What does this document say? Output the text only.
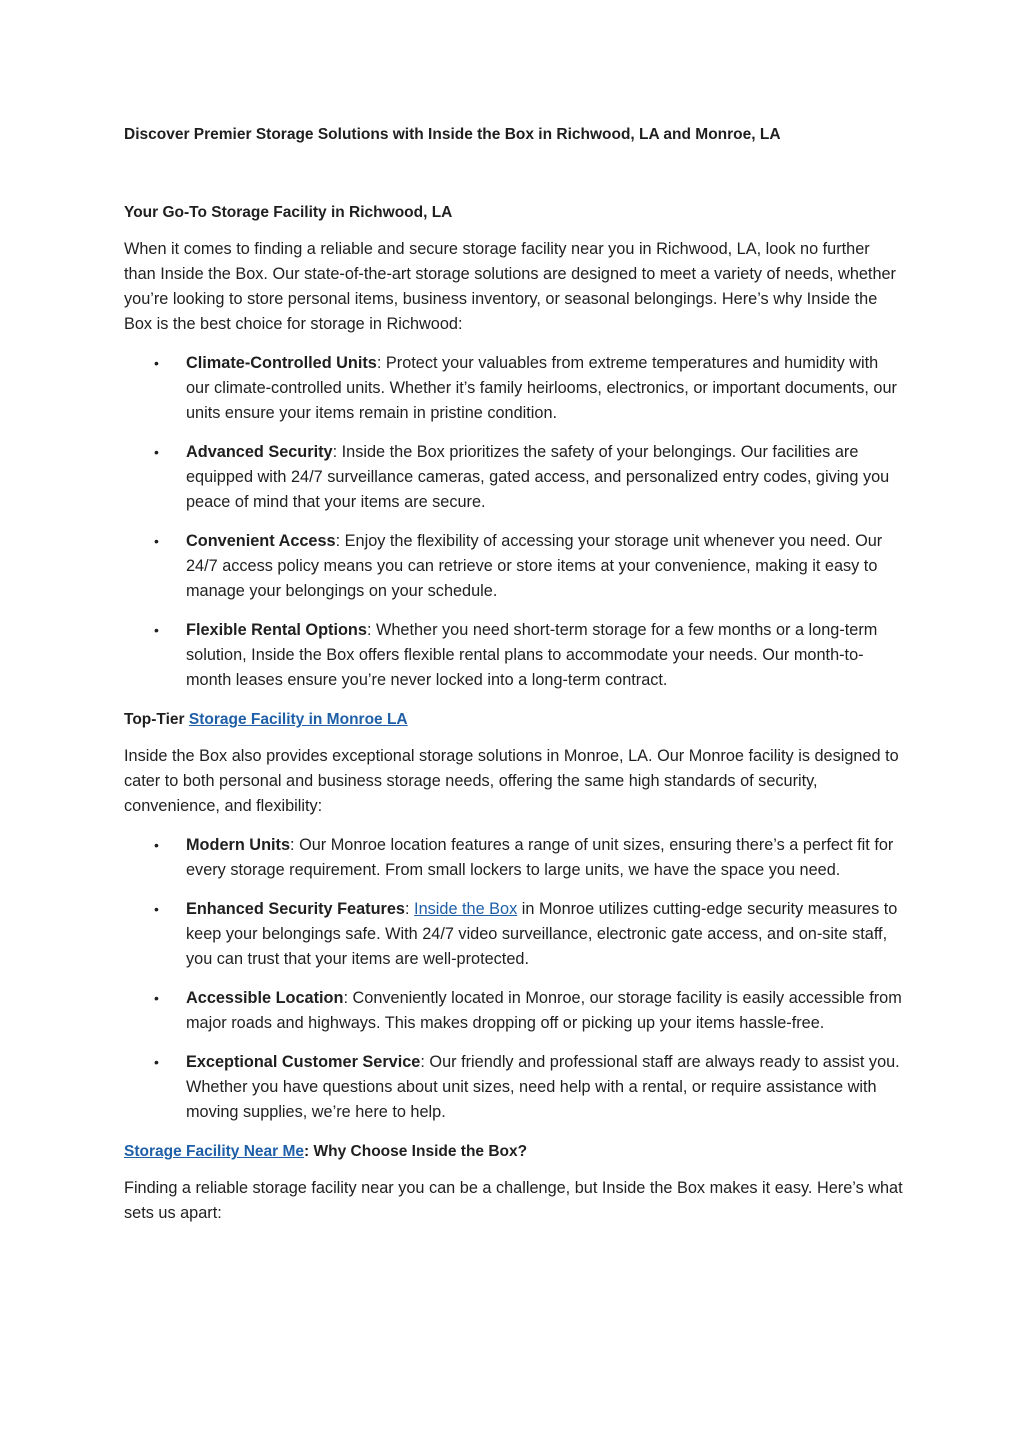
Discover Premier Storage Solutions with Inside the Box in Richwood, LA and Monroe, LA
Your Go-To Storage Facility in Richwood, LA

When it comes to finding a reliable and secure storage facility near you in Richwood, LA, look no further than Inside the Box. Our state-of-the-art storage solutions are designed to meet a variety of needs, whether you’re looking to store personal items, business inventory, or seasonal belongings. Here’s why Inside the Box is the best choice for storage in Richwood:

• Climate-Controlled Units: Protect your valuables from extreme temperatures and humidity with our climate-controlled units. Whether it’s family heirlooms, electronics, or important documents, our units ensure your items remain in pristine condition.
• Advanced Security: Inside the Box prioritizes the safety of your belongings. Our facilities are equipped with 24/7 surveillance cameras, gated access, and personalized entry codes, giving you peace of mind that your items are secure.
• Convenient Access: Enjoy the flexibility of accessing your storage unit whenever you need. Our 24/7 access policy means you can retrieve or store items at your convenience, making it easy to manage your belongings on your schedule.
• Flexible Rental Options: Whether you need short-term storage for a few months or a long-term solution, Inside the Box offers flexible rental plans to accommodate your needs. Our month-to-month leases ensure you’re never locked into a long-term contract.
Top-Tier Storage Facility in Monroe LA

Inside the Box also provides exceptional storage solutions in Monroe, LA. Our Monroe facility is designed to cater to both personal and business storage needs, offering the same high standards of security, convenience, and flexibility:

• Modern Units: Our Monroe location features a range of unit sizes, ensuring there’s a perfect fit for every storage requirement. From small lockers to large units, we have the space you need.
• Enhanced Security Features: Inside the Box in Monroe utilizes cutting-edge security measures to keep your belongings safe. With 24/7 video surveillance, electronic gate access, and on-site staff, you can trust that your items are well-protected.
• Accessible Location: Conveniently located in Monroe, our storage facility is easily accessible from major roads and highways. This makes dropping off or picking up your items hassle-free.
• Exceptional Customer Service: Our friendly and professional staff are always ready to assist you. Whether you have questions about unit sizes, need help with a rental, or require assistance with moving supplies, we’re here to help.
Storage Facility Near Me: Why Choose Inside the Box?

Finding a reliable storage facility near you can be a challenge, but Inside the Box makes it easy. Here’s what sets us apart:
